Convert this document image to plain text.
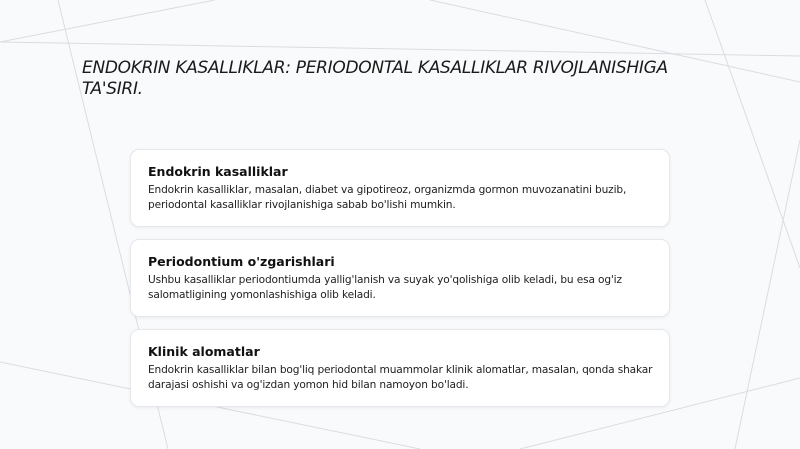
ENDOKRIN KASALLIKLAR: PERIODONTAL KASALLIKLAR RIVOJLANISHIGA TA'SIRI.
Endokrin kasalliklar

Endokrin kasalliklar, masalan, diabet va gipotireoz, organizmda gormon muvozanatini buzib, periodontal kasalliklar rivojlanishiga sabab bo'lishi mumkin.

Periodontium o'zgarishlari

Ushbu kasalliklar periodontiumda yallig'lanish va suyak yo'qolishiga olib keladi, bu esa og'iz salomatligining yomonlashishiga olib keladi.

Klinik alomatlar

Endokrin kasalliklar bilan bog'liq periodontal muammolar klinik alomatlar, masalan, qonda shakar darajasi oshishi va og'izdan yomon hid bilan namoyon bo'ladi.
